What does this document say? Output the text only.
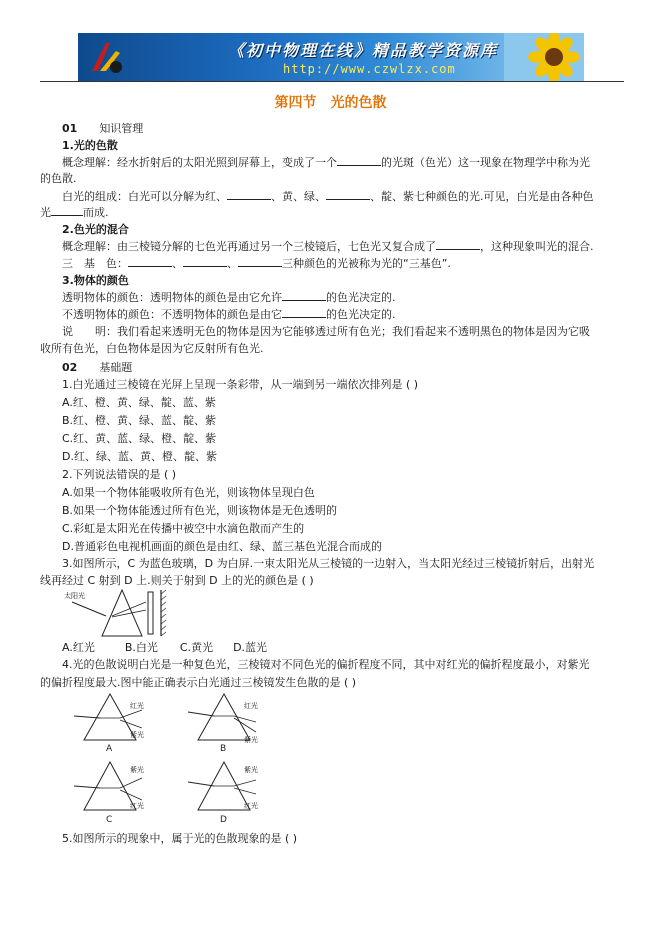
《初中物理在线》精品教学资源库
http://www.czwlzx.com
第四节　光的色散
01 知识管理
1.光的色散
概念理解：经水折射后的太阳光照到屏幕上，变成了一个	的光斑（色光）这一现象在物理学中称为光
的色散.
白光的组成：白光可以分解为红、	、黄、绿、	、靛、紫七种颜色的光.可见，白光是由各种色
光	而成.
2.色光的混合
概念理解：由三棱镜分解的七色光再通过另一个三棱镜后，七色光又复合成了	，这种现象叫光的混合.
三　基　色：	、	、	三种颜色的光被称为光的“三基色”.
3.物体的颜色
透明物体的颜色：透明物体的颜色是由它允许	的色光决定的.
不透明物体的颜色：不透明物体的颜色是由它	的色光决定的.
说　　明：我们看起来透明无色的物体是因为它能够透过所有色光；我们看起来不透明黑色的物体是因为它吸
收所有色光，白色物体是因为它反射所有色光.
02 基础题
1.白光通过三棱镜在光屏上呈现一条彩带，从一端到另一端依次排列是 ( )
A.红、橙、黄、绿、靛、蓝、紫
B.红、橙、黄、绿、蓝、靛、紫
C.红、黄、蓝、绿、橙、靛、紫
D.红、绿、蓝、黄、橙、靛、紫
2.下列说法错误的是 ( )
A.如果一个物体能吸收所有色光，则该物体呈现白色
B.如果一个物体能透过所有色光，则该物体是无色透明的
C.彩虹是太阳光在传播中被空中水滴色散而产生的
D.普通彩色电视机画面的颜色是由红、绿、蓝三基色光混合而成的
3.如图所示，C 为蓝色玻璃，D 为白屏.一束太阳光从三棱镜的一边射入，当太阳光经过三棱镜折射后，出射光
线再经过 C 射到 D 上.则关于射到 D 上的光的颜色是 ( )
太阳光
A.红光	B.白光 C.黄光 D.蓝光
4.光的色散说明白光是一种复色光，三棱镜对不同色光的偏折程度不同，其中对红光的偏折程度最小，对紫光
的偏折程度最大.图中能正确表示白光通过三棱镜发生色散的是 ( )
红光
紫光
A
红光
紫光
B
紫光
红光
C
紫光
红光
D
5.如图所示的现象中，属于光的色散现象的是 ( )
